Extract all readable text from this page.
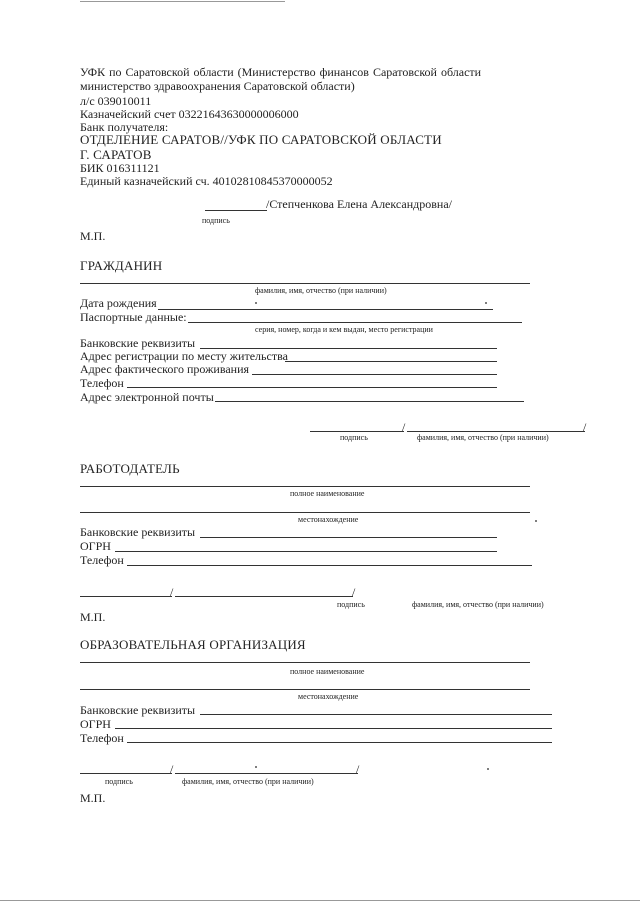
УФК по Саратовской области (Министерство финансов Саратовской области
министерство здравоохранения Саратовской области)
л/с 039010011
Казначейский счет 03221643630000006000
Банк получателя:
ОТДЕЛЕНИЕ САРАТОВ//УФК ПО САРАТОВСКОЙ ОБЛАСТИ
Г. САРАТОВ
БИК 016311121
Единый казначейский сч. 40102810845370000052
/Степченкова Елена Александровна/
подпись
М.П.
ГРАЖДАНИН
фамилия, имя, отчество (при наличии)
Дата рождения
Паспортные данные:
серия, номер, когда и кем выдан, место регистрации
Банковские реквизиты
Адрес регистрации по месту жительства
Адрес фактического проживания
Телефон
Адрес электронной почты
/	/
подпись	фамилия, имя, отчество (при наличии)
РАБОТОДАТЕЛЬ
полное наименование
местонахождение
Банковские реквизиты
ОГРН
Телефон
/	/
подпись	фамилия, имя, отчество (при наличии)
М.П.
ОБРАЗОВАТЕЛЬНАЯ ОРГАНИЗАЦИЯ
полное наименование
местонахождение
Банковские реквизиты
ОГРН
Телефон
/	/
подпись	фамилия, имя, отчество (при наличии)
М.П.
